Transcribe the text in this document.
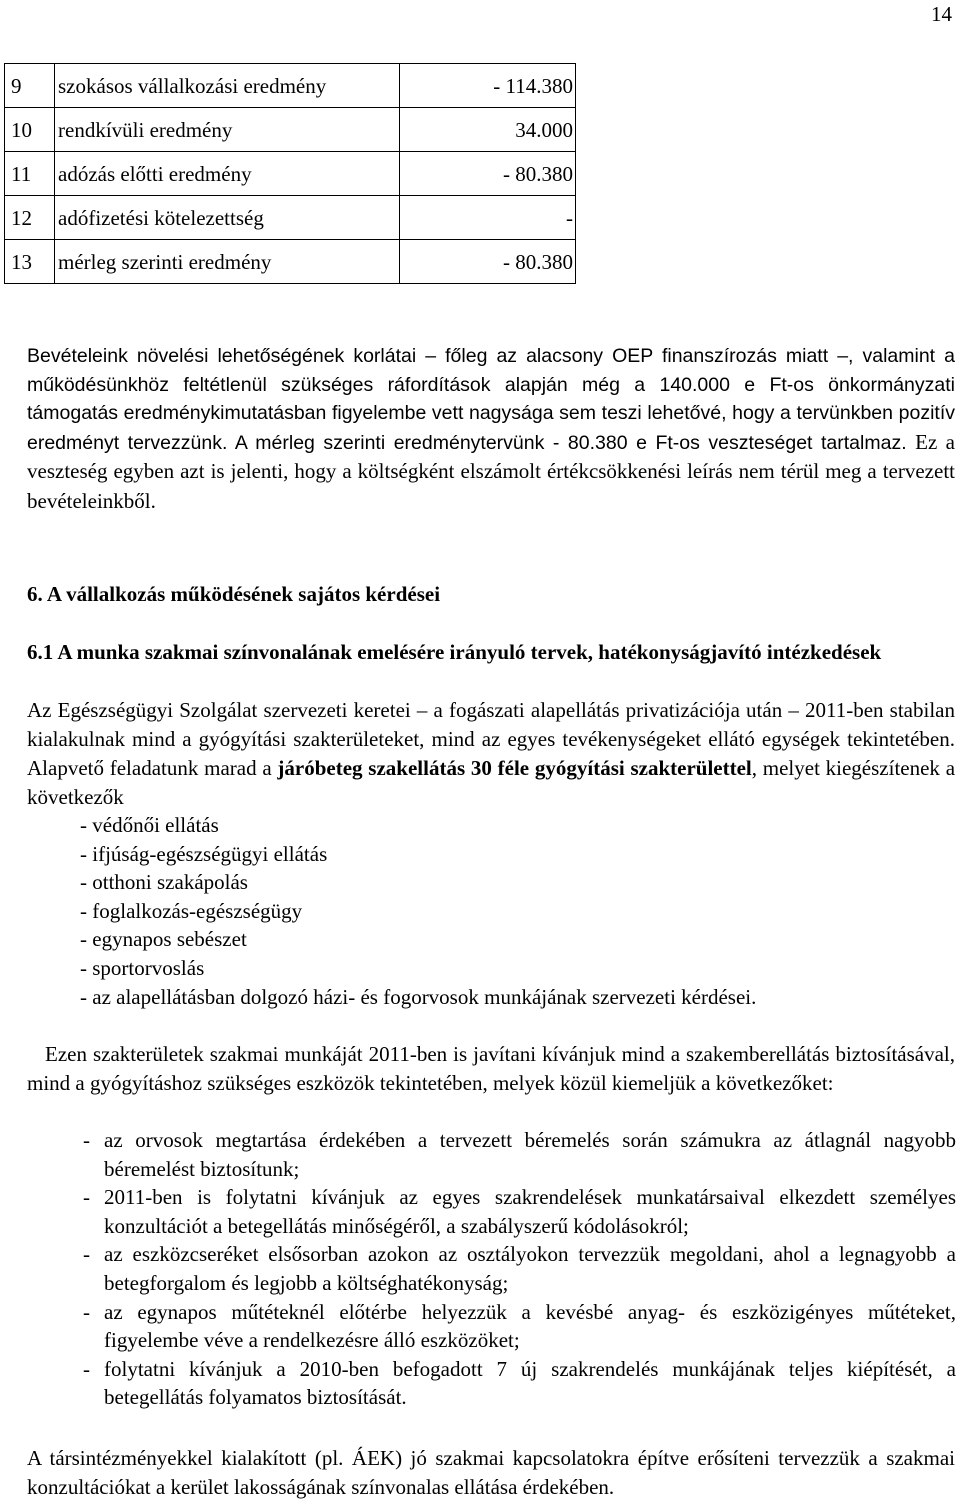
14
9	szokásos vállalkozási eredmény	- 114.380
10	rendkívüli eredmény	34.000
11	adózás előtti eredmény	- 80.380
12	adófizetési kötelezettség	-
13	mérleg szerinti eredmény	- 80.380
Bevételeink növelési lehetőségének korlátai – főleg az alacsony OEP finanszírozás miatt –, valamint a működésünkhöz feltétlenül szükséges ráfordítások alapján még a 140.000 e Ft-os önkormányzati támogatás eredménykimutatásban figyelembe vett nagysága sem teszi lehetővé, hogy a tervünkben pozitív eredményt tervezzünk. A mérleg szerinti eredménytervünk - 80.380 e Ft-os veszteséget tartalmaz. Ez a veszteség egyben azt is jelenti, hogy a költségként elszámolt értékcsökkenési leírás nem térül meg a tervezett bevételeinkből.
6. A vállalkozás működésének sajátos kérdései
6.1 A munka szakmai színvonalának emelésére irányuló tervek, hatékonyságjavító intézkedések
Az Egészségügyi Szolgálat szervezeti keretei – a fogászati alapellátás privatizációja után – 2011-ben stabilan kialakulnak mind a gyógyítási szakterületeket, mind az egyes tevékenységeket ellátó egységek tekintetében. Alapvető feladatunk marad a járóbeteg szakellátás 30 féle gyógyítási szakterülettel, melyet kiegészítenek a következők
- védőnői ellátás
- ifjúság-egészségügyi ellátás
- otthoni szakápolás
- foglalkozás-egészségügy
- egynapos sebészet
- sportorvoslás
- az alapellátásban dolgozó házi- és fogorvosok munkájának szervezeti kérdései.
Ezen szakterületek szakmai munkáját 2011-ben is javítani kívánjuk mind a szakemberellátás biztosításával, mind a gyógyításhoz szükséges eszközök tekintetében, melyek közül kiemeljük a következőket:
- az orvosok megtartása érdekében a tervezett béremelés során számukra az átlagnál nagyobb béremelést biztosítunk;
- 2011-ben is folytatni kívánjuk az egyes szakrendelések munkatársaival elkezdett személyes konzultációt a betegellátás minőségéről, a szabályszerű kódolásokról;
- az eszközcseréket elsősorban azokon az osztályokon tervezzük megoldani, ahol a legnagyobb a betegforgalom és legjobb a költséghatékonyság;
- az egynapos műtéteknél előtérbe helyezzük a kevésbé anyag- és eszközigényes műtéteket, figyelembe véve a rendelkezésre álló eszközöket;
- folytatni kívánjuk a 2010-ben befogadott 7 új szakrendelés munkájának teljes kiépítését, a betegellátás folyamatos biztosítását.
A társintézményekkel kialakított (pl. ÁEK) jó szakmai kapcsolatokra építve erősíteni tervezzük a szakmai konzultációkat a kerület lakosságának színvonalas ellátása érdekében.
